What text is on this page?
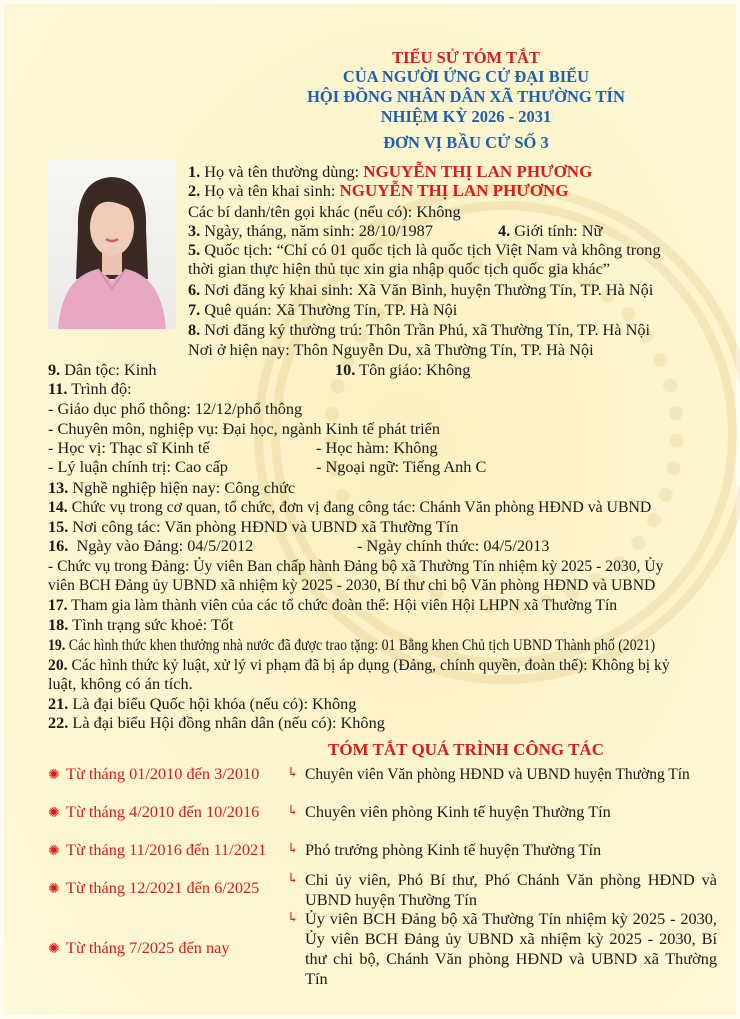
TIỂU SỬ TÓM TẮT
CỦA NGƯỜI ỨNG CỬ ĐẠI BIỂU
HỘI ĐỒNG NHÂN DÂN XÃ THƯỜNG TÍN
NHIỆM KỲ 2026 - 2031
ĐƠN VỊ BẦU CỬ SỐ 3
1. Họ và tên thường dùng: NGUYỄN THỊ LAN PHƯƠNG
2. Họ và tên khai sinh: NGUYỄN THỊ LAN PHƯƠNG
Các bí danh/tên gọi khác (nếu có): Không
3. Ngày, tháng, năm sinh: 28/10/1987	4. Giới tính: Nữ
5. Quốc tịch: “Chỉ có 01 quốc tịch là quốc tịch Việt Nam và không trong
thời gian thực hiện thủ tục xin gia nhập quốc tịch quốc gia khác”
6. Nơi đăng ký khai sinh: Xã Văn Bình, huyện Thường Tín, TP. Hà Nội
7. Quê quán: Xã Thường Tín, TP. Hà Nội
8. Nơi đăng ký thường trú: Thôn Trần Phú, xã Thường Tín, TP. Hà Nội
Nơi ở hiện nay: Thôn Nguyễn Du, xã Thường Tín, TP. Hà Nội
9. Dân tộc: Kinh	10. Tôn giáo: Không
11. Trình độ:
- Giáo dục phổ thông: 12/12/phổ thông
- Chuyên môn, nghiệp vụ: Đại học, ngành Kinh tế phát triển
- Học vị: Thạc sĩ Kinh tế	- Học hàm: Không
- Lý luận chính trị: Cao cấp	- Ngoại ngữ: Tiếng Anh C
13. Nghề nghiệp hiện nay: Công chức
14. Chức vụ trong cơ quan, tổ chức, đơn vị đang công tác: Chánh Văn phòng HĐND và UBND
15. Nơi công tác: Văn phòng HĐND và UBND xã Thường Tín
16.  Ngày vào Đảng: 04/5/2012	- Ngày chính thức: 04/5/2013
- Chức vụ trong Đảng: Ủy viên Ban chấp hành Đảng bộ xã Thường Tín nhiệm kỳ 2025 - 2030, Ủy
viên BCH Đảng ủy UBND xã nhiệm kỳ 2025 - 2030, Bí thư chi bộ Văn phòng HĐND và UBND
17. Tham gia làm thành viên của các tổ chức đoàn thể: Hội viên Hội LHPN xã Thường Tín
18. Tình trạng sức khoẻ: Tốt
19. Các hình thức khen thưởng nhà nước đã được trao tặng: 01 Bằng khen Chủ tịch UBND Thành phố (2021)
20. Các hình thức kỷ luật, xử lý vi phạm đã bị áp dụng (Đảng, chính quyền, đoàn thể): Không bị kỷ
luật, không có án tích.
21. Là đại biểu Quốc hội khóa (nếu có): Không
22. Là đại biểu Hội đồng nhân dân (nếu có): Không
TÓM TẮT QUÁ TRÌNH CÔNG TÁC
✺ Từ tháng 01/2010 đến 3/2010 ↳ Chuyên viên Văn phòng HĐND và UBND huyện Thường Tín
✺ Từ tháng 4/2010 đến 10/2016 ↳ Chuyên viên phòng Kinh tế huyện Thường Tín
✺ Từ tháng 11/2016 đến 11/2021 ↳ Phó trưởng phòng Kinh tế huyện Thường Tín
✺ Từ tháng 12/2021 đến 6/2025 ↳ Chi ủy viên, Phó Bí thư, Phó Chánh Văn phòng HĐND và UBND huyện Thường Tín
✺ Từ tháng 7/2025 đến nay
↳ Ủy viên BCH Đảng bộ xã Thường Tín nhiệm kỳ 2025 - 2030, Ủy viên BCH Đảng ủy UBND xã nhiệm kỳ 2025 - 2030, Bí thư chi bộ, Chánh Văn phòng HĐND và UBND xã Thường Tín
